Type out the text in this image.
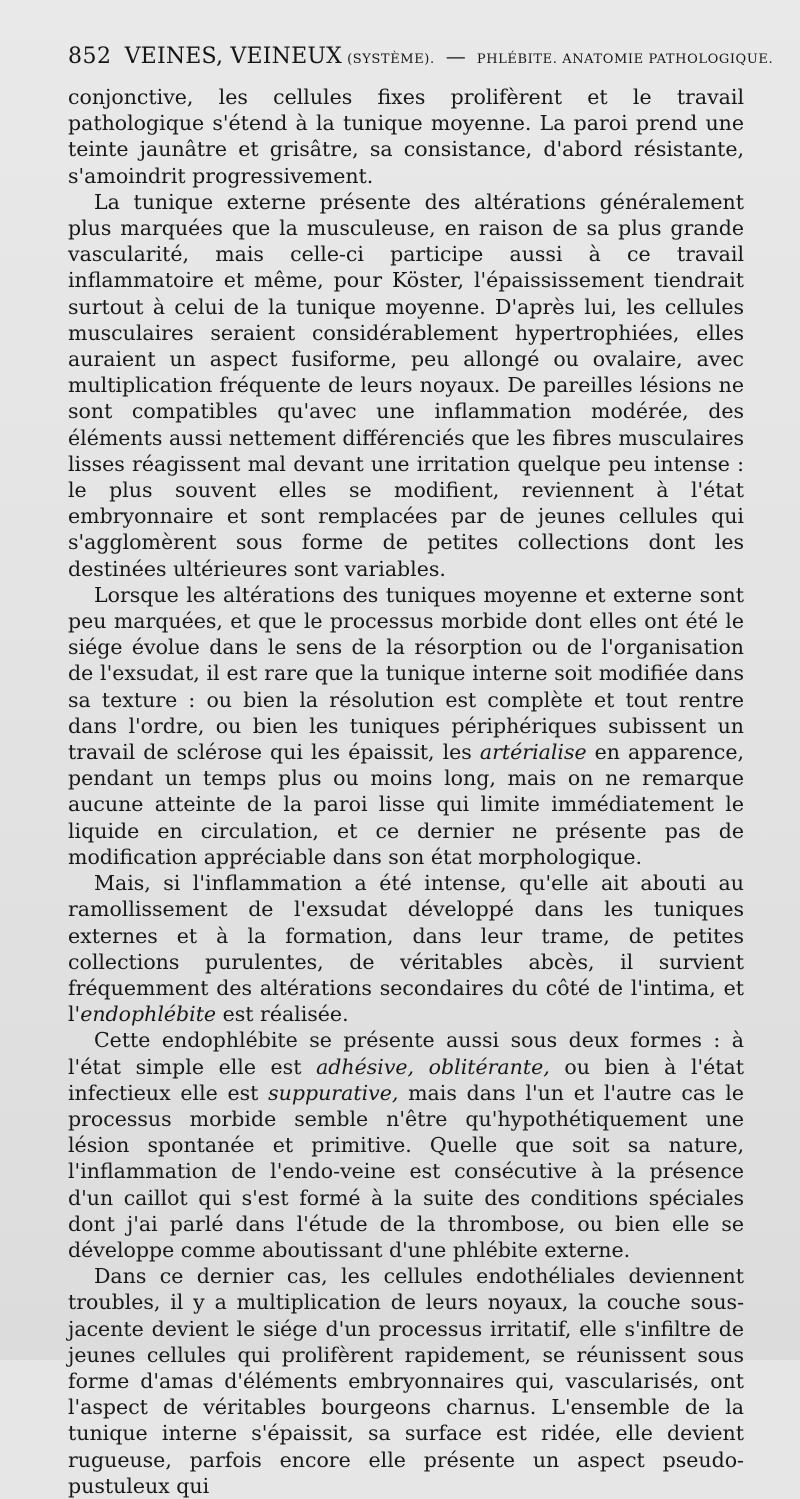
852 VEINES, VEINEUX (SYSTÈME). — PHLÉBITE. ANATOMIE PATHOLOGIQUE.

conjonctive, les cellules fixes prolifèrent et le travail pathologique s'étend à la tunique moyenne. La paroi prend une teinte jaunâtre et grisâtre, sa consistance, d'abord résistante, s'amoindrit progressivement.

La tunique externe présente des altérations généralement plus marquées que la musculeuse, en raison de sa plus grande vascularité, mais celle-ci participe aussi à ce travail inflammatoire et même, pour Köster, l'épaississement tiendrait surtout à celui de la tunique moyenne. D'après lui, les cellules musculaires seraient considérablement hypertrophiées, elles auraient un aspect fusiforme, peu allongé ou ovalaire, avec multiplication fréquente de leurs noyaux. De pareilles lésions ne sont compatibles qu'avec une inflammation modérée, des éléments aussi nettement différenciés que les fibres musculaires lisses réagissent mal devant une irritation quelque peu intense : le plus souvent elles se modifient, reviennent à l'état embryonnaire et sont remplacées par de jeunes cellules qui s'agglomèrent sous forme de petites collections dont les destinées ultérieures sont variables.

Lorsque les altérations des tuniques moyenne et externe sont peu marquées, et que le processus morbide dont elles ont été le siége évolue dans le sens de la résorption ou de l'organisation de l'exsudat, il est rare que la tunique interne soit modifiée dans sa texture : ou bien la résolution est complète et tout rentre dans l'ordre, ou bien les tuniques périphériques subissent un travail de sclérose qui les épaissit, les artérialise en apparence, pendant un temps plus ou moins long, mais on ne remarque aucune atteinte de la paroi lisse qui limite immédiatement le liquide en circulation, et ce dernier ne présente pas de modification appréciable dans son état morphologique.

Mais, si l'inflammation a été intense, qu'elle ait abouti au ramollissement de l'exsudat développé dans les tuniques externes et à la formation, dans leur trame, de petites collections purulentes, de véritables abcès, il survient fréquemment des altérations secondaires du côté de l'intima, et l'endophlébite est réalisée.

Cette endophlébite se présente aussi sous deux formes : à l'état simple elle est adhésive, oblitérante, ou bien à l'état infectieux elle est suppurative, mais dans l'un et l'autre cas le processus morbide semble n'être qu'hypothétiquement une lésion spontanée et primitive. Quelle que soit sa nature, l'inflammation de l'endo-veine est consécutive à la présence d'un caillot qui s'est formé à la suite des conditions spéciales dont j'ai parlé dans l'étude de la thrombose, ou bien elle se développe comme aboutissant d'une phlébite externe.

Dans ce dernier cas, les cellules endothéliales deviennent troubles, il y a multiplication de leurs noyaux, la couche sous-jacente devient le siége d'un processus irritatif, elle s'infiltre de jeunes cellules qui prolifèrent rapidement, se réunissent sous forme d'amas d'éléments embryonnaires qui, vascularisés, ont l'aspect de véritables bourgeons charnus. L'ensemble de la tunique interne s'épaissit, sa surface est ridée, elle devient rugueuse, parfois encore elle présente un aspect pseudo-pustuleux qui
